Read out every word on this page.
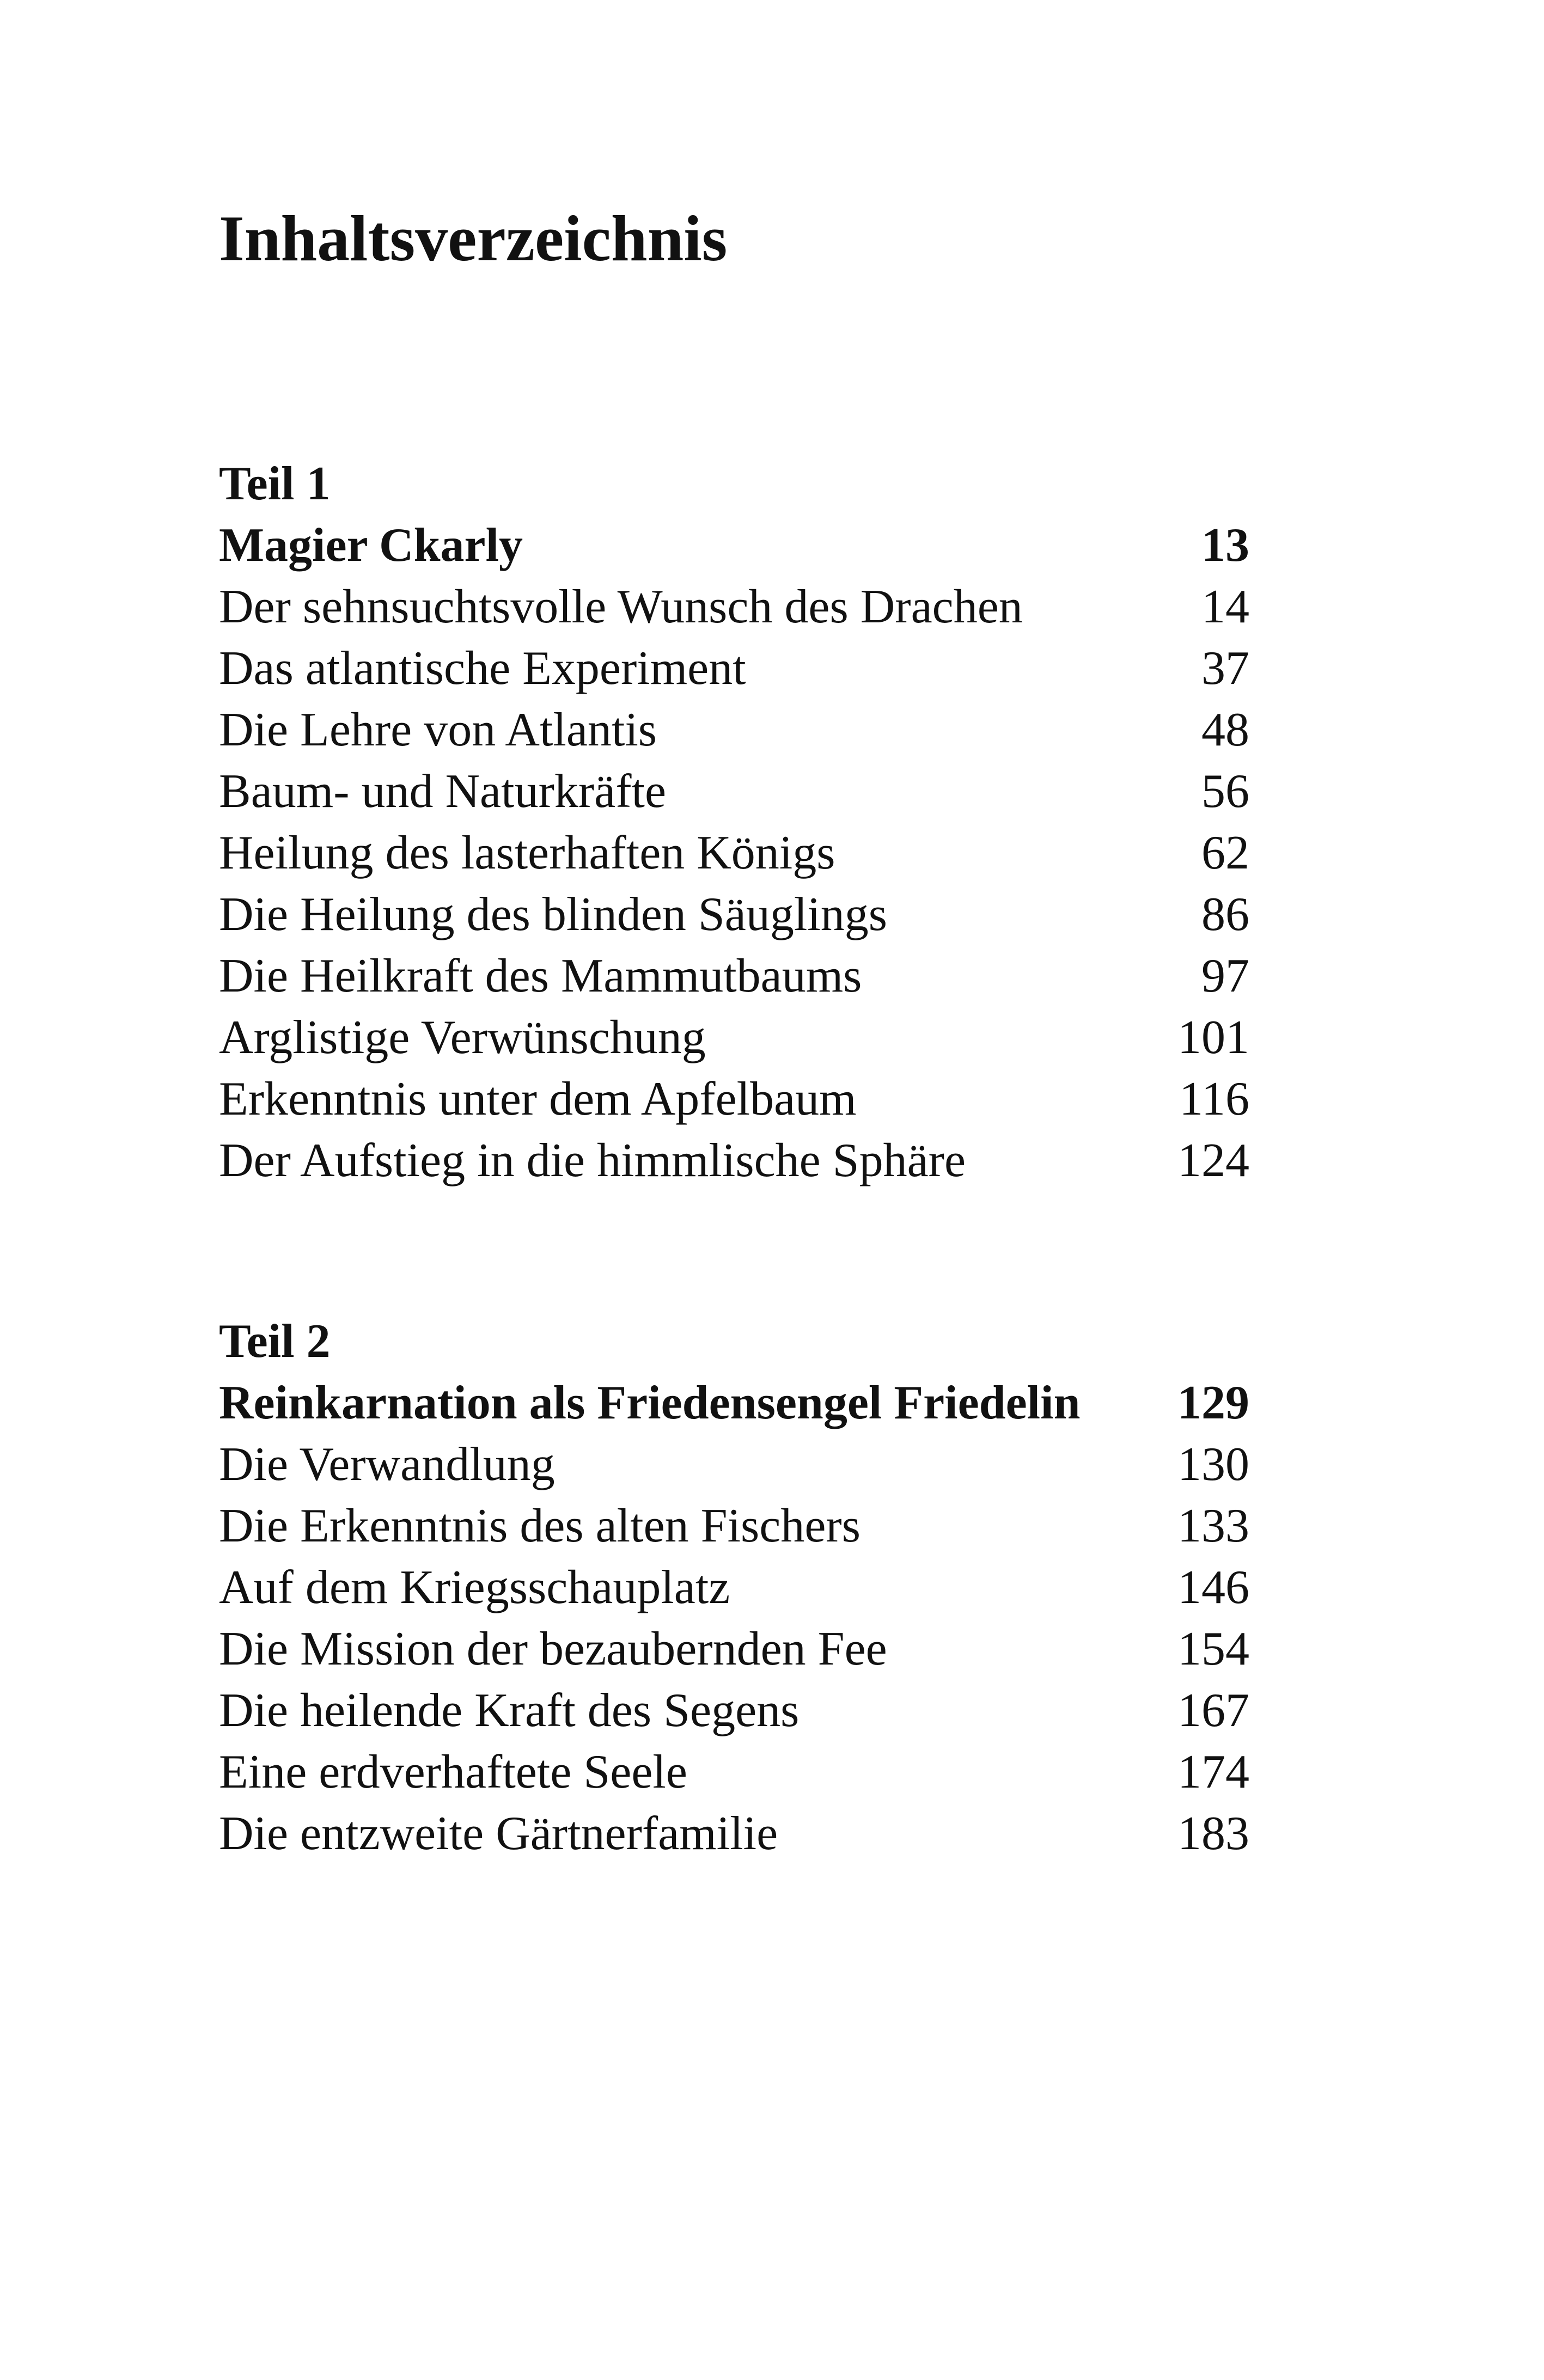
Inhaltsverzeichnis
Teil 1
Magier Ckarly	13
Der sehnsuchtsvolle Wunsch des Drachen	14
Das atlantische Experiment	37
Die Lehre von Atlantis	48
Baum- und Naturkräfte	56
Heilung des lasterhaften Königs	62
Die Heilung des blinden Säuglings	86
Die Heilkraft des Mammutbaums	97
Arglistige Verwünschung	101
Erkenntnis unter dem Apfelbaum	116
Der Aufstieg in die himmlische Sphäre	124
Teil 2
Reinkarnation als Friedensengel Friedelin 129
Die Verwandlung	130
Die Erkenntnis des alten Fischers	133
Auf dem Kriegsschauplatz	146
Die Mission der bezaubernden Fee	154
Die heilende Kraft des Segens	167
Eine erdverhaftete Seele	174
Die entzweite Gärtnerfamilie	183
